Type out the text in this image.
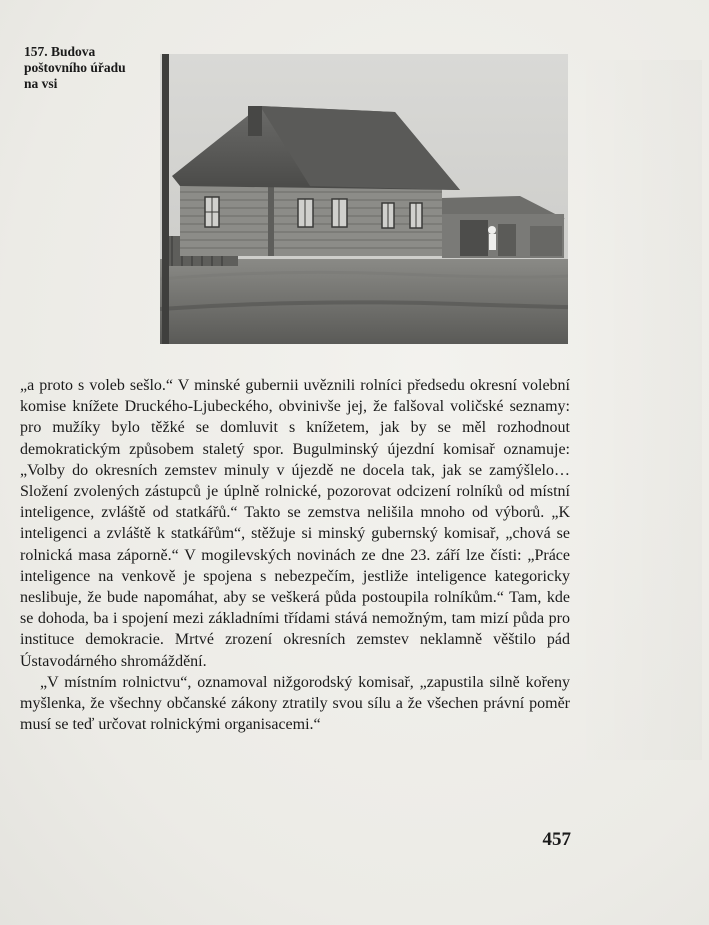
157. Budova
poštovního úřadu
na vsi

„a proto s voleb sešlo.“ V minské gubernii uvěznili rolníci předsedu okresní volební komise knížete Druckého-Ljubeckého, obvinivše jej, že falšoval voličské seznamy: pro mužíky bylo těžké se domluvit s knížetem, jak by se měl rozhodnout demokratickým způsobem staletý spor. Bugulminský újezdní komisař oznamuje: „Volby do okresních zemstev minuly v újezdě ne docela tak, jak se zamýšlelo… Složení zvolených zástupců je úplně rolnické, pozorovat odcizení rolníků od místní inteligence, zvláště od statkářů.“ Takto se zemstva nelišila mnoho od výborů. „K inteligenci a zvláště k statkářům“, stěžuje si minský gubernský komisař, „chová se rolnická masa záporně.“ V mogilevských novinách ze dne 23. září lze čísti: „Práce inteligence na venkově je spojena s nebezpečím, jestliže inteligence kategoricky neslibuje, že bude napomáhat, aby se veškerá půda postoupila rolníkům.“ Tam, kde se dohoda, ba i spojení mezi základními třídami stává nemožným, tam mizí půda pro instituce demokracie. Mrtvé zrození okresních zemstev neklamně věštilo pád Ústavodárného shromáždění.

„V místním rolnictvu“, oznamoval nižgorodský komisař, „zapustila silně kořeny myšlenka, že všechny občanské zákony ztratily svou sílu a že všechen právní poměr musí se teď určovat rolnickými organisacemi.“

457
